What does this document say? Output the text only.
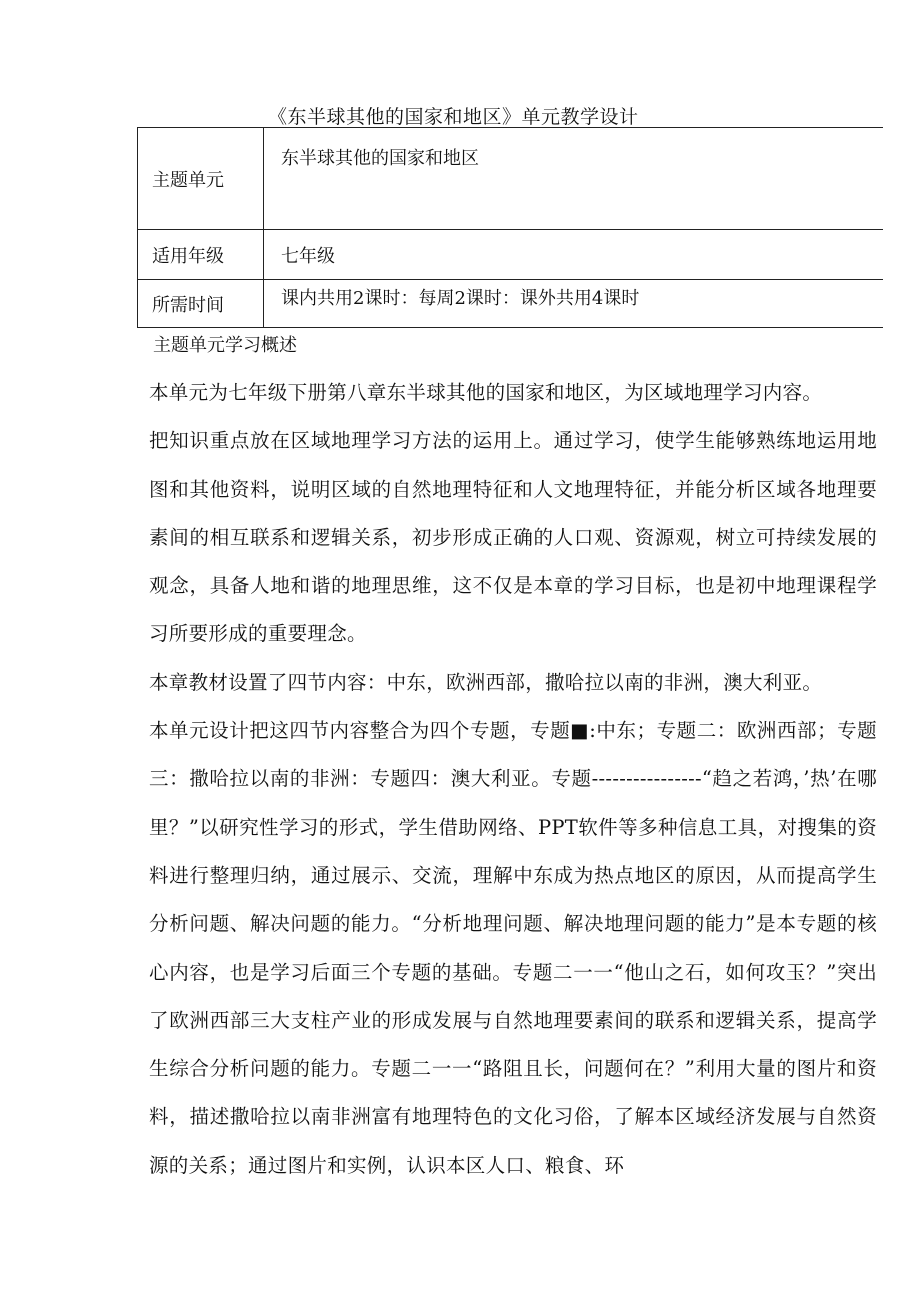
《东半球其他的国家和地区》单元教学设计
主题单元	东半球其他的国家和地区
适用年级	七年级
所需时间	课内共用2课时：每周2课时：课外共用4课时
主题单元学习概述

本单元为七年级下册第八章东半球其他的国家和地区，为区域地理学习内容。

把知识重点放在区域地理学习方法的运用上。通过学习，使学生能够熟练地运用地图和其他资料，说明区域的自然地理特征和人文地理特征，并能分析区域各地理要素间的相互联系和逻辑关系，初步形成正确的人口观、资源观，树立可持续发展的观念，具备人地和谐的地理思维，这不仅是本章的学习目标，也是初中地理课程学习所要形成的重要理念。

本章教材设置了四节内容：中东，欧洲西部，撒哈拉以南的非洲，澳大利亚。

本单元设计把这四节内容整合为四个专题，专题■:中东；专题二：欧洲西部；专题三：撒哈拉以南的非洲：专题四：澳大利亚。专题----------------“趋之若鸿，’热’在哪里？”以研究性学习的形式，学生借助网络、PPT软件等多种信息工具，对搜集的资料进行整理归纳，通过展示、交流，理解中东成为热点地区的原因，从而提高学生分析问题、解决问题的能力。“分析地理问题、解决地理问题的能力”是本专题的核心内容，也是学习后面三个专题的基础。专题二一一“他山之石，如何攻玉？”突出了欧洲西部三大支柱产业的形成发展与自然地理要素间的联系和逻辑关系，提高学生综合分析问题的能力。专题二一一“路阻且长，问题何在？”利用大量的图片和资料，描述撒哈拉以南非洲富有地理特色的文化习俗，了解本区域经济发展与自然资源的关系；通过图片和实例，认识本区人口、粮食、环
